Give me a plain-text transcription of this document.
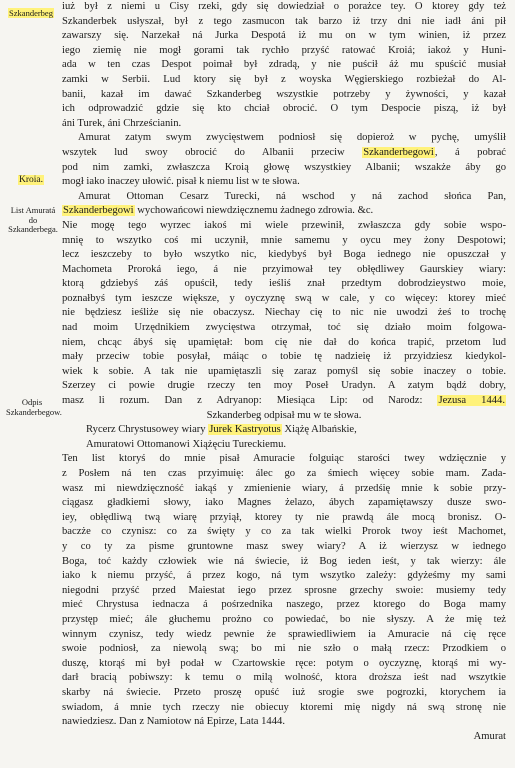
Szkanderbeg
Kroia.
List Amuratá do Szkanderbega.
Odpis Szkanderbegow.
iuż był z niemi u Cisy rzeki, gdy się dowiedział o porażce tey. O ktorey gdy też
Szkanderbek usłyszał, był z tego zasmucon tak barzo iż trzy dni nie iadł áni pił
zawarszy się. Narzekał ná Jurka Despotá iż mu on w tym winien, iż przez
iego ziemię nie mogł gorami tak rychło przyść ratować Kroiá; iakoż y Huni-
ada w ten czas Despot poimał był zdradą, y nie puścił áż mu spuścić musiał
zamki w Serbii. Lud ktory się był z woyska Węgierskiego rozbieżał do Al-
banii, kazał im dawać Szkanderbeg wszystkie potrzeby y żywności, y kazał
ich odprowadzić gdzie się kto chciał obrocić. O tym Despocie piszą, iż był
áni Turek, áni Chrześcianin.
Amurat zatym swym zwycięstwem podniosł się dopieroż w pychę, umyślił
wszytek lud swoy obrocić do Albanii przeciw Szkanderbegowi, á pobrać
pod nim zamki, zwłaszcza Kroią głowę wszystkiey Albanii; wszakże áby go
mogł iako inaczey ułowić. pisał k niemu list w te słowa.
Amurat Ottoman Cesarz Turecki, ná wschod y ná zachod słońca Pan,
Szkanderbegowi wychowańcowi niewdzięcznemu żadnego zdrowia. &c.
Nie mogę tego wyrzec iakoś mi wiele przewinił, zwłaszcza gdy sobie wspo-
mnię to wszytko coś mi uczynił, mnie samemu y oycu mey żony Despotowi;
lecz ieszczeby to było wszytko nic, kiedybyś był Boga iednego nie opuszczał y
Machometa Proroká iego, á nie przyimował tey obłędliwey Gaurskiey wiary:
ktorą gdziebyś záś opuścił, tedy ieśliś znał przedtym dobrodzieystwo moie,
poznałbyś tym ieszcze większe, y oyczyznę swą w cale, y co więcey: ktorey mieć
nie będziesz ieśliże się nie obaczysz. Niechay cię to nic nie uwodzi żeś to trochę
nad moim Urzędnikiem zwycięstwa otrzymał, toć się działo moim folgowa-
niem, chcąc ábyś się upamiętał: bom cię nie dał do końca trapić, przetom lud
mały przeciw tobie posyłał, máiąc o tobie tę nadzieię iż przyidziesz kiedykol-
wiek k sobie. A tak nie upamiętaszli się zaraz pomyśl się sobie inaczey o tobie.
Szerzey ci powie drugie rzeczy ten moy Poseł Uradyn. A zatym bądź dobry,
masz li rozum. Dan z Adryanop: Miesiąca Lip: od Narodz: Jezusa 1444.
Szkanderbeg odpisał mu w te słowa.
Rycerz Chrystusowey wiary Jurek Kastryotus Xiążę Albańskie,
Amuratowi Ottomanowi Xiążęciu Tureckiemu.
Ten list ktoryś do mnie pisał Amuracie folguiąc starości twey wdzięcznie y
z Posłem ná ten czas przyimuię: álec go za śmiech więcey sobie mam. Zada-
wasz mi niewdzięczność iakąś y zmienienie wiary, á przedśię mnie k sobie przy-
ciągasz gładkiemi słowy, iako Magnes żelazo, ábych zapamiętawszy dusze swo-
iey, obłędliwą twą wiarę przyiął, ktorey ty nie prawdą ále mocą bronisz. O-
baczże co czynisz: co za święty y co za tak wielki Prorok twoy ieśt Machomet,
y co ty za pisme gruntowne masz swey wiary? A iż wierzysz w iednego
Boga, toć każdy człowiek wie ná świecie, iż Bog ieden ieśt, y tak wierzy: ále
iako k niemu przyść, á przez kogo, ná tym wszytko zależy: gdyżeśmy my sami
niegodni przyść przed Maiestat iego przez sprosne grzechy swoie: musiemy tedy
mieć Chrystusa iednacza á pośrzednika naszego, przez ktorego do Boga mamy
przystęp mieć; ále głuchemu prożno co powiedać, bo nie słyszy. A że mię też
winnym czynisz, tedy wiedz pewnie że sprawiedliwiem ia Amuracie ná cię ręce
swoie podniosł, za niewolą swą; bo mi nie szło o małą rzecz: Przodkiem o
duszę, ktorąś mi był podał w Czartowskie ręce: potym o oyczyznę, ktorąś mi wy-
darł bracią pobiwszy: k temu o milą wolność, ktora droższa ieśt nad wszytkie
skarby ná świecie. Przeto proszę opuść iuż srogie swe pogrozki, ktorychem ia
swiadom, á mnie tych rzeczy nie obiecuy ktoremi mię nigdy ná swą stronę nie
nawiedziesz. Dan z Namiotow ná Epirze, Lata 1444.
Amurat
